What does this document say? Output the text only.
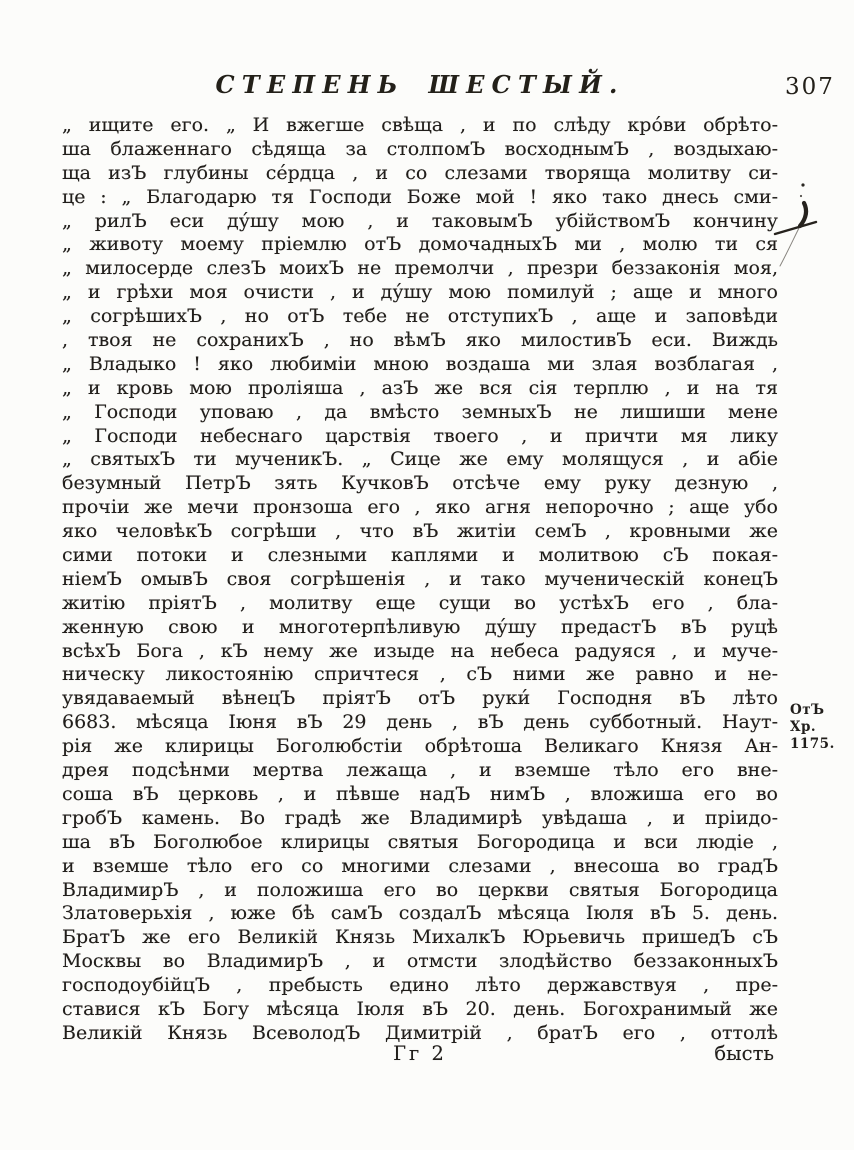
СТЕПЕНЬ ШЕСТЫЙ.	307
„ ищите его. „ И вжегше свѣща , и по слѣду кро́ви обрѣто-
ша блаженнаго сѣдяща за столпомЪ восходнымЪ , воздыхаю-
ща изЪ глубины се́рдца , и со слезами творяща молитву си-
це : „ Благодарю тя Господи Боже мой ! яко тако днесь сми-
„ рилЪ еси ду́шу мою , и таковымЪ убійствомЪ кончину
„ животу моему пріемлю отЪ домочадныхЪ ми , молю ти ся
„ милосерде слезЪ моихЪ не премолчи , презри беззаконія моя,
„ и грѣхи моя очисти , и ду́шу мою помилуй ; аще и много
„ согрѣшихЪ , но отЪ тебе не отступихЪ , аще и заповѣди
, твоя не сохранихЪ , но вѣмЪ яко милостивЪ еси. Виждь
„ Владыко ! яко любиміи мною воздаша ми злая возблагая ,
„ и кровь мою проліяша , азЪ же вся сія терплю , и на тя
„ Господи уповаю , да вмѣсто земныхЪ не лишиши мене
„ Господи небеснаго царствія твоего , и причти мя лику
„ святыхЪ ти мученикЪ. „ Сице же ему молящуся , и абіе
безумный ПетрЪ зять КучковЪ отсѣче ему руку дезную ,
прочіи же мечи пронзоша его , яко агня непорочно ; аще убо
яко человѣкЪ согрѣши , что вЪ житіи семЪ , кровными же
сими потоки и слезными каплями и молитвою сЪ покая-
ніемЪ омывЪ своя согрѣшенія , и тако мученическій конецЪ
житію пріятЪ , молитву еще сущи во устѣхЪ его , бла-
женную свою и многотерпѣливую ду́шу предастЪ вЪ руцѣ
всѣхЪ Бога , кЪ нему же изыде на небеса радуяся , и муче-
ническу ликостоянію спричтеся , сЪ ними же равно и не-
увядаваемый вѣнецЪ пріятЪ отЪ руки́ Господня вЪ лѣто
6683. мѣсяца Іюня вЪ 29 день , вЪ день субботный. Наут-
рія же клирицы Боголюбстіи обрѣтоша Великаго Князя Ан-
дрея подсѣнми мертва лежаща , и вземше тѣло его вне-
соша вЪ церковь , и пѣвше надЪ нимЪ , вложиша его во
гробЪ камень. Во градѣ же Владимирѣ увѣдаша , и пріидо-
ша вЪ Боголюбое клирицы святыя Богородица и вси людіе ,
и вземше тѣло его со многими слезами , внесоша во градЪ
ВладимирЪ , и положиша его во церкви святыя Богородица
Златоверьхія , юже бѣ самЪ создалЪ мѣсяца Іюля вЪ 5. день.
БратЪ же его Великій Князь МихалкЪ Юрьевичь пришедЪ сЪ
Москвы во ВладимирЪ , и отмсти злодѣйство беззаконныхЪ
господоубійцЪ , пребысть едино лѣто державствуя , пре-
ставися кЪ Богу мѣсяца Іюля вЪ 20. день. Богохранимый же
Великій Князь ВсеволодЪ Димитрій , братЪ его , оттолѣ
ОтЪ Хр.
1175.
Гг 2	бысть
